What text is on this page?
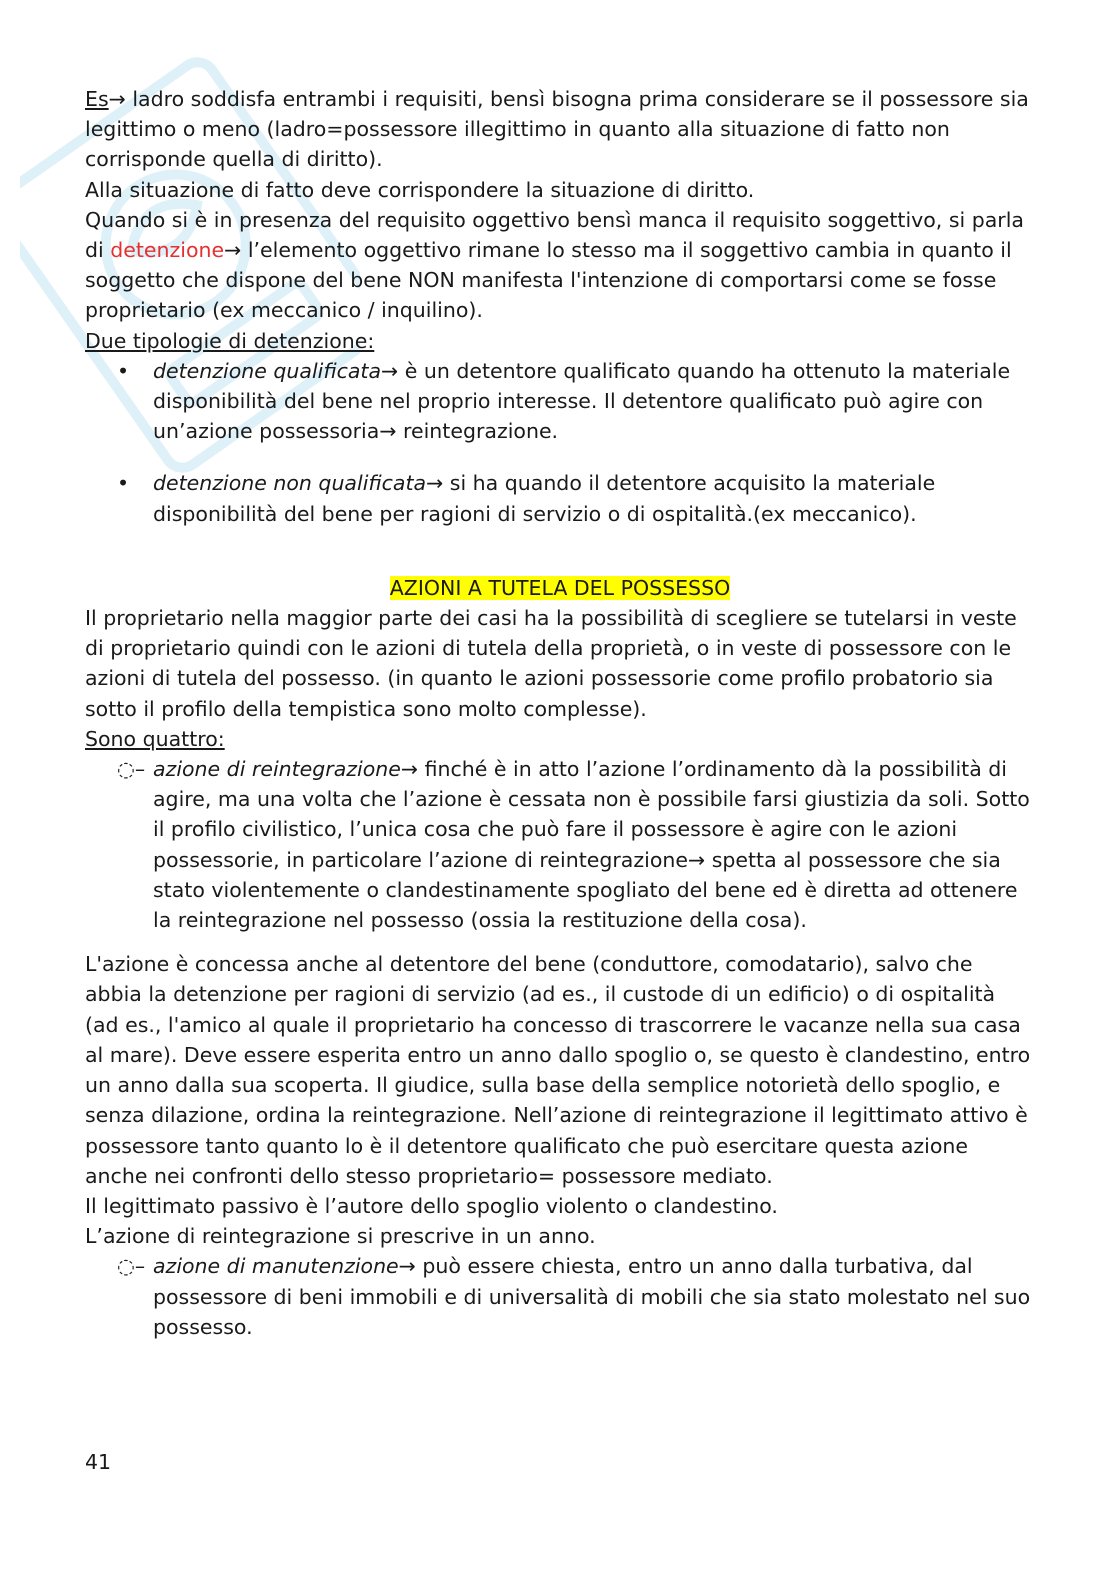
Es→ ladro soddisfa entrambi i requisiti, bensì bisogna prima considerare se il possessore sia legittimo o meno (ladro=possessore illegittimo in quanto alla situazione di fatto non corrisponde quella di diritto).

Alla situazione di fatto deve corrispondere la situazione di diritto.

Quando si è in presenza del requisito oggettivo bensì manca il requisito soggettivo, si parla di detenzione→ l’elemento oggettivo rimane lo stesso ma il soggettivo cambia in quanto il soggetto che dispone del bene NON manifesta l'intenzione di comportarsi come se fosse proprietario (ex meccanico / inquilino).

Due tipologie di detenzione:

• detenzione qualificata→ è un detentore qualificato quando ha ottenuto la materiale disponibilità del bene nel proprio interesse. Il detentore qualificato può agire con un’azione possessoria→ reintegrazione.
• detenzione non qualificata→ si ha quando il detentore acquisito la materiale disponibilità del bene per ragioni di servizio o di ospitalità.(ex meccanico).

AZIONI A TUTELA DEL POSSESSO

Il proprietario nella maggior parte dei casi ha la possibilità di scegliere se tutelarsi in veste di proprietario quindi con le azioni di tutela della proprietà, o in veste di possessore con le azioni di tutela del possesso. (in quanto le azioni possessorie come profilo probatorio sia sotto il profilo della tempistica sono molto complesse).

Sono quattro:

◌– azione di reintegrazione→ finché è in atto l’azione l’ordinamento dà la possibilità di agire, ma una volta che l’azione è cessata non è possibile farsi giustizia da soli. Sotto il profilo civilistico, l’unica cosa che può fare il possessore è agire con le azioni possessorie, in particolare l’azione di reintegrazione→ spetta al possessore che sia stato violentemente o clandestinamente spogliato del bene ed è diretta ad ottenere la reintegrazione nel possesso (ossia la restituzione della cosa).

L'azione è concessa anche al detentore del bene (conduttore, comodatario), salvo che abbia la detenzione per ragioni di servizio (ad es., il custode di un edificio) o di ospitalità (ad es., l'amico al quale il proprietario ha concesso di trascorrere le vacanze nella sua casa al mare). Deve essere esperita entro un anno dallo spoglio o, se questo è clandestino, entro un anno dalla sua scoperta. Il giudice, sulla base della semplice notorietà dello spoglio, e senza dilazione, ordina la reintegrazione. Nell’azione di reintegrazione il legittimato attivo è possessore tanto quanto lo è il detentore qualificato che può esercitare questa azione anche nei confronti dello stesso proprietario= possessore mediato.

Il legittimato passivo è l’autore dello spoglio violento o clandestino.

L’azione di reintegrazione si prescrive in un anno.

◌– azione di manutenzione→ può essere chiesta, entro un anno dalla turbativa, dal possessore di beni immobili e di universalità di mobili che sia stato molestato nel suo possesso.
41
